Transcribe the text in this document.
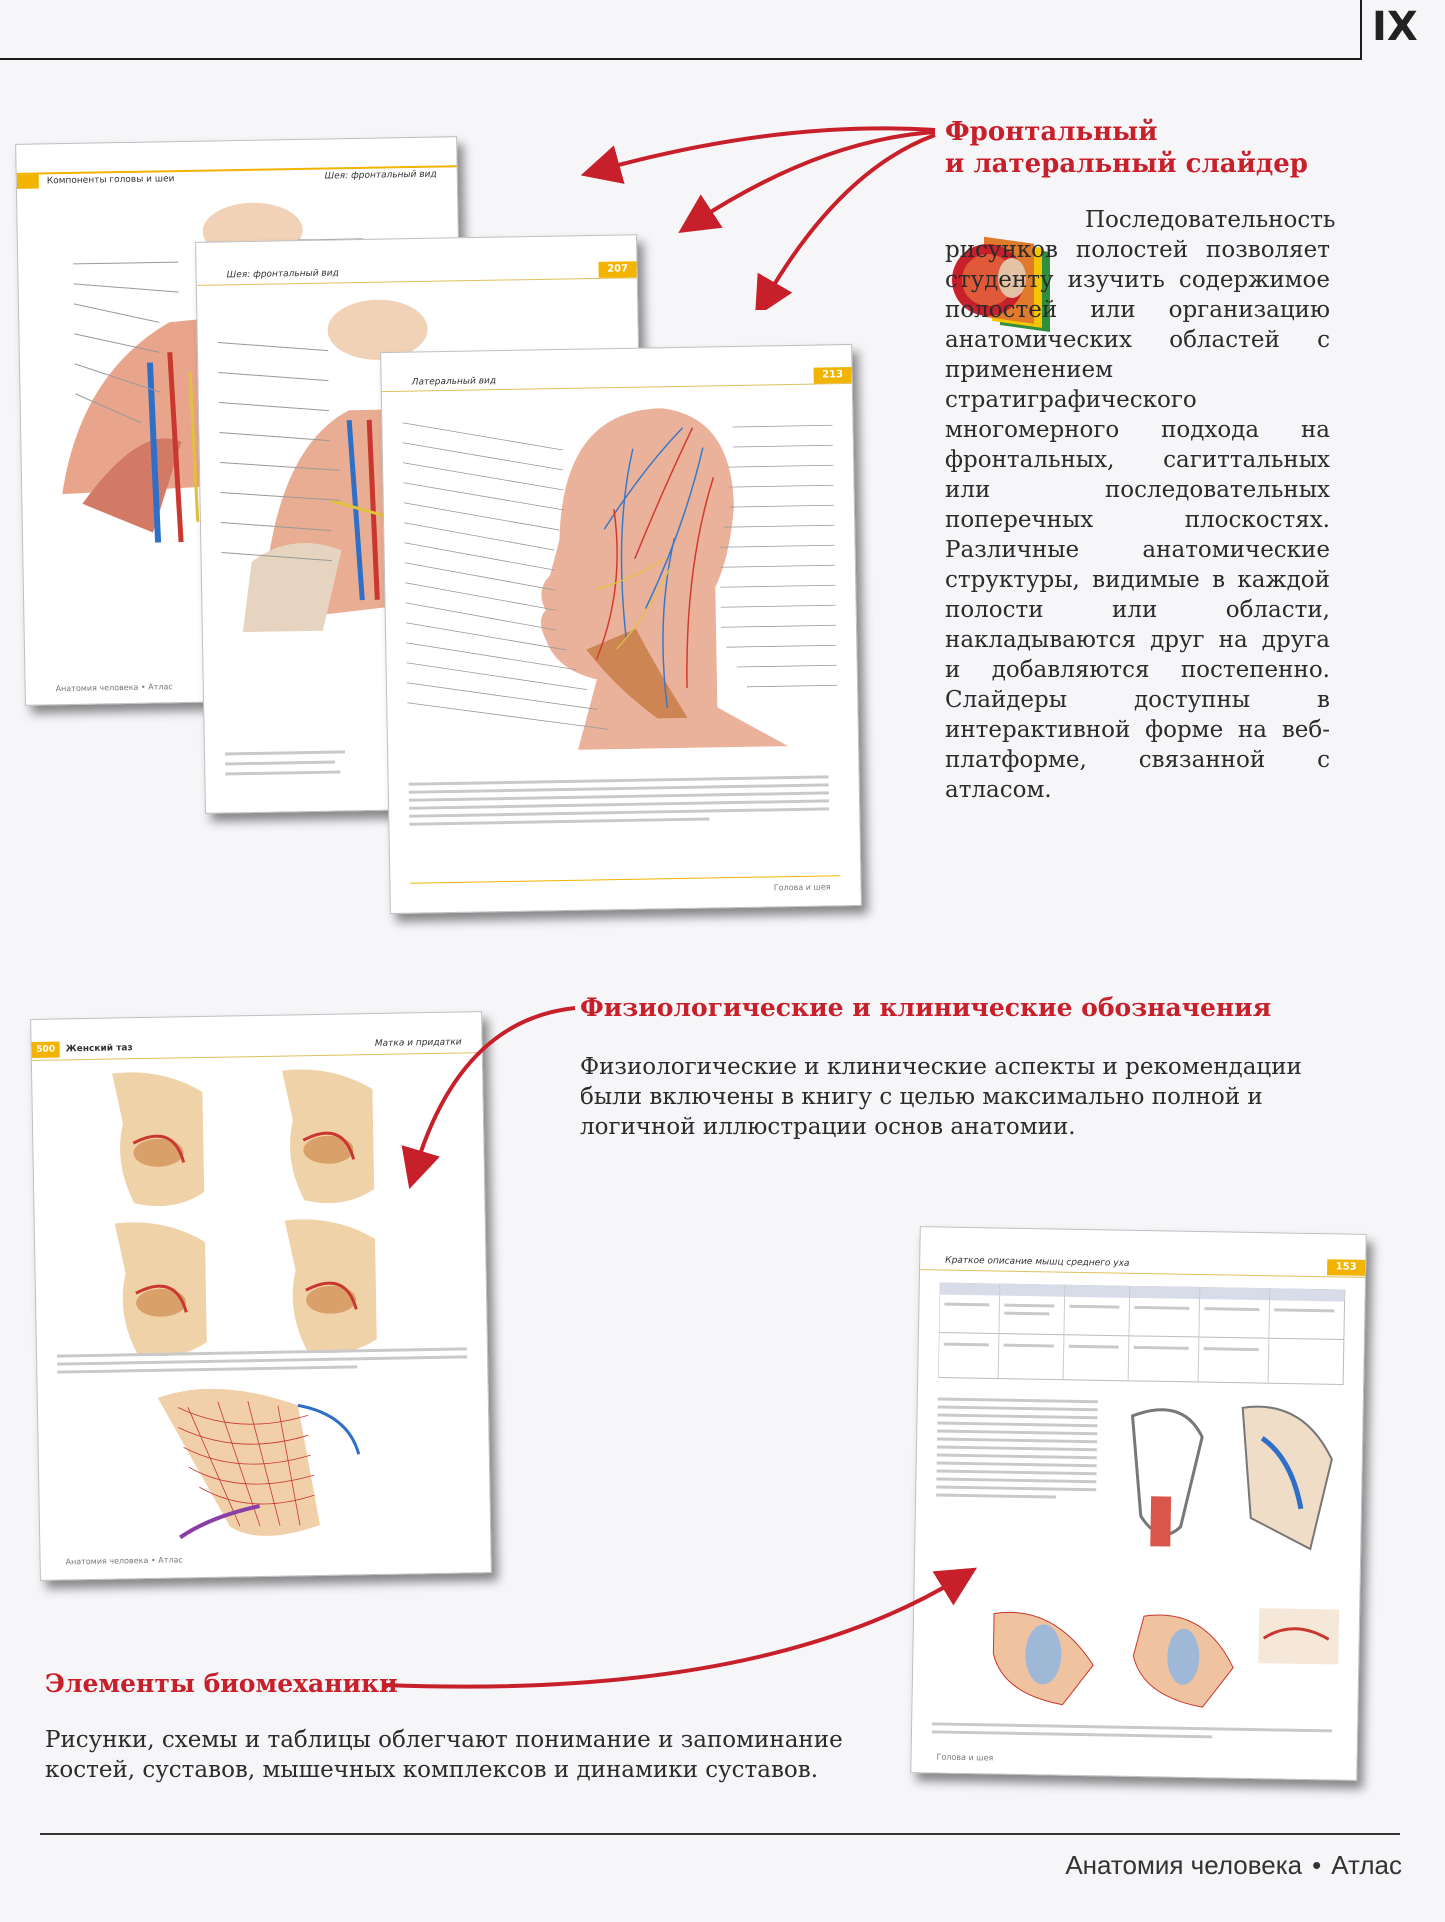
IX
Компоненты головы и шеи	Шея: фронтальный вид
Анатомия человека • Атлас
207
Шея: фронтальный вид
213
Латеральный вид
Голова и шея
Фронтальный
и латеральный слайдер
Последовательность рисунков полостей позволяет студенту изучить содержимое полостей или организацию анатомических областей с применением стратиграфического многомерного подхода на фронтальных, сагиттальных или последовательных поперечных плоскостях. Различные анатомические структуры, видимые в каждой полости или области, накладываются друг на друга и добавляются постепенно. Слайдеры доступны в интерактивной форме на веб-платформе, связанной с атласом.
500	Женский таз	Матка и придатки
Анатомия человека • Атлас
Физиологические и клинические обозначения
Физиологические и клинические аспекты и рекомендации были включены в книгу с целью максимально полной и логичной иллюстрации основ анатомии.
153
Краткое описание мышц среднего уха
Голова и шея
Элементы биомеханики
Рисунки, схемы и таблицы облегчают понимание и запоминание костей, суставов, мышечных комплексов и динамики суставов.
Анатомия человека • Атлас
